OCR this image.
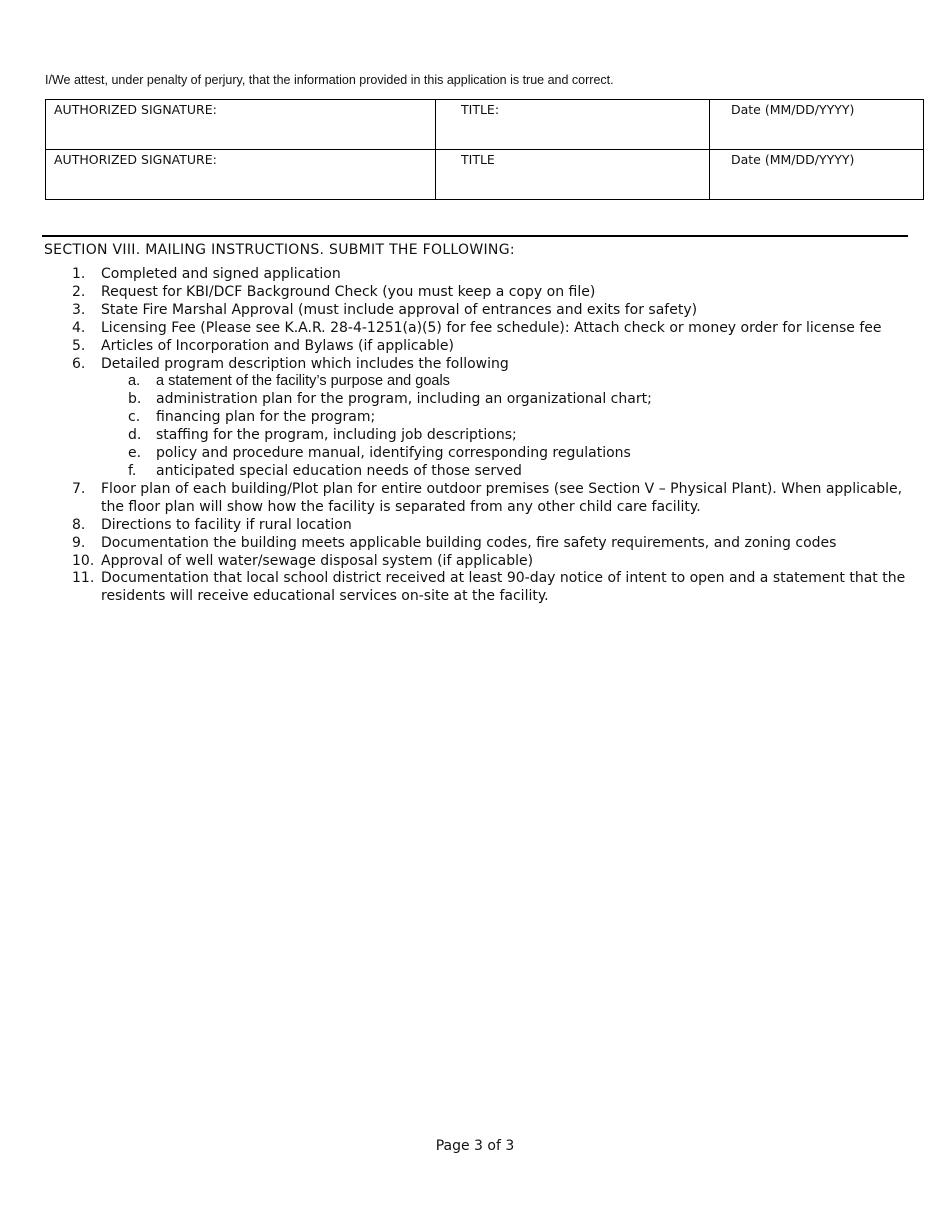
I/We attest, under penalty of perjury, that the information provided in this application is true and correct.
AUTHORIZED SIGNATURE:	TITLE:	Date (MM/DD/YYYY)

AUTHORIZED SIGNATURE:	TITLE	Date (MM/DD/YYYY)
SECTION VIII. MAILING INSTRUCTIONS. SUBMIT THE FOLLOWING:
1. Completed and signed application
2. Request for KBI/DCF Background Check (you must keep a copy on file)
3. State Fire Marshal Approval (must include approval of entrances and exits for safety)
4. Licensing Fee (Please see K.A.R. 28-4-1251(a)(5) for fee schedule): Attach check or money order for license fee
5. Articles of Incorporation and Bylaws (if applicable)
6. Detailed program description which includes the following
a. a statement of the facility’s purpose and goals
b. administration plan for the program, including an organizational chart;
c. financing plan for the program;
d. staffing for the program, including job descriptions;
e. policy and procedure manual, identifying corresponding regulations
f. anticipated special education needs of those served
7. Floor plan of each building/Plot plan for entire outdoor premises (see Section V – Physical Plant). When applicable, the floor plan will show how the facility is separated from any other child care facility.
8. Directions to facility if rural location
9. Documentation the building meets applicable building codes, fire safety requirements, and zoning codes
10. Approval of well water/sewage disposal system (if applicable)
11. Documentation that local school district received at least 90-day notice of intent to open and a statement that the residents will receive educational services on-site at the facility.
Page 3 of 3
